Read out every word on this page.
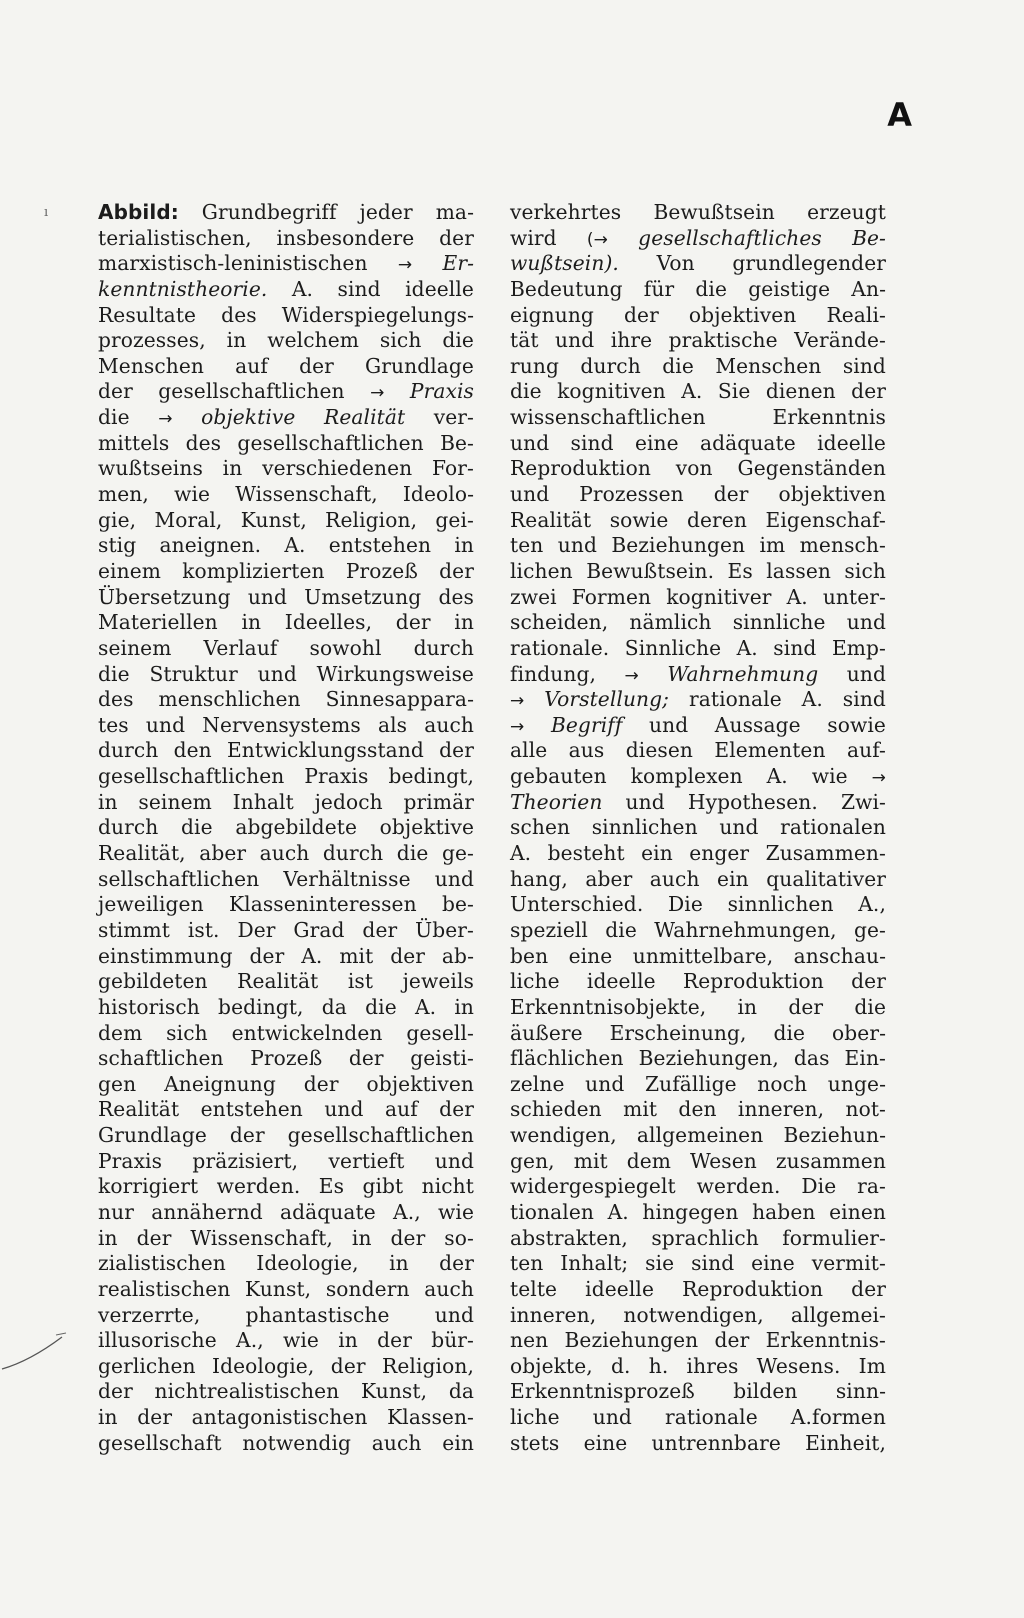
A
ı Abbild: Grundbegriff jeder ma-
terialistischen, insbesondere der
marxistisch-leninistischen → Er-
kenntnistheorie. A. sind ideelle
Resultate des Widerspiegelungs-
prozesses, in welchem sich die
Menschen auf der Grundlage
der gesellschaftlichen → Praxis
die → objektive Realität ver-
mittels des gesellschaftlichen Be-
wußtseins in verschiedenen For-
men, wie Wissenschaft, Ideolo-
gie, Moral, Kunst, Religion, gei-
stig aneignen. A. entstehen in
einem komplizierten Prozeß der
Übersetzung und Umsetzung des
Materiellen in Ideelles, der in
seinem Verlauf sowohl durch
die Struktur und Wirkungsweise
des menschlichen Sinnesappara-
tes und Nervensystems als auch
durch den Entwicklungsstand der
gesellschaftlichen Praxis bedingt,
in seinem Inhalt jedoch primär
durch die abgebildete objektive
Realität, aber auch durch die ge-
sellschaftlichen Verhältnisse und
jeweiligen Klasseninteressen be-
stimmt ist. Der Grad der Über-
einstimmung der A. mit der ab-
gebildeten Realität ist jeweils
historisch bedingt, da die A. in
dem sich entwickelnden gesell-
schaftlichen Prozeß der geisti-
gen Aneignung der objektiven
Realität entstehen und auf der
Grundlage der gesellschaftlichen
Praxis präzisiert, vertieft und
korrigiert werden. Es gibt nicht
nur annähernd adäquate A., wie
in der Wissenschaft, in der so-
zialistischen Ideologie, in der
realistischen Kunst, sondern auch
verzerrte, phantastische und
illusorische A., wie in der bür-
gerlichen Ideologie, der Religion,
der nichtrealistischen Kunst, da
in der antagonistischen Klassen-
gesellschaft notwendig auch ein
verkehrtes Bewußtsein erzeugt
wird (→ gesellschaftliches Be-
wußtsein). Von grundlegender
Bedeutung für die geistige An-
eignung der objektiven Reali-
tät und ihre praktische Verände-
rung durch die Menschen sind
die kognitiven A. Sie dienen der
wissenschaftlichen	Erkenntnis
und sind eine adäquate ideelle
Reproduktion von Gegenständen
und Prozessen der objektiven
Realität sowie deren Eigenschaf-
ten und Beziehungen im mensch-
lichen Bewußtsein. Es lassen sich
zwei Formen kognitiver A. unter-
scheiden, nämlich sinnliche und
rationale. Sinnliche A. sind Emp-
findung, → Wahrnehmung und
→ Vorstellung; rationale A. sind
→ Begriff und Aussage sowie
alle aus diesen Elementen auf-
gebauten komplexen A. wie →
Theorien und Hypothesen. Zwi-
schen sinnlichen und rationalen
A. besteht ein enger Zusammen-
hang, aber auch ein qualitativer
Unterschied. Die sinnlichen A.,
speziell die Wahrnehmungen, ge-
ben eine unmittelbare, anschau-
liche ideelle Reproduktion der
Erkenntnisobjekte, in der die
äußere Erscheinung, die ober-
flächlichen Beziehungen, das Ein-
zelne und Zufällige noch unge-
schieden mit den inneren, not-
wendigen, allgemeinen Beziehun-
gen, mit dem Wesen zusammen
widergespiegelt werden. Die ra-
tionalen A. hingegen haben einen
abstrakten, sprachlich formulier-
ten Inhalt; sie sind eine vermit-
telte ideelle Reproduktion der
inneren, notwendigen, allgemei-
nen Beziehungen der Erkenntnis-
objekte, d. h. ihres Wesens. Im
Erkenntnisprozeß bilden sinn-
liche und rationale A.formen
stets eine untrennbare Einheit,
